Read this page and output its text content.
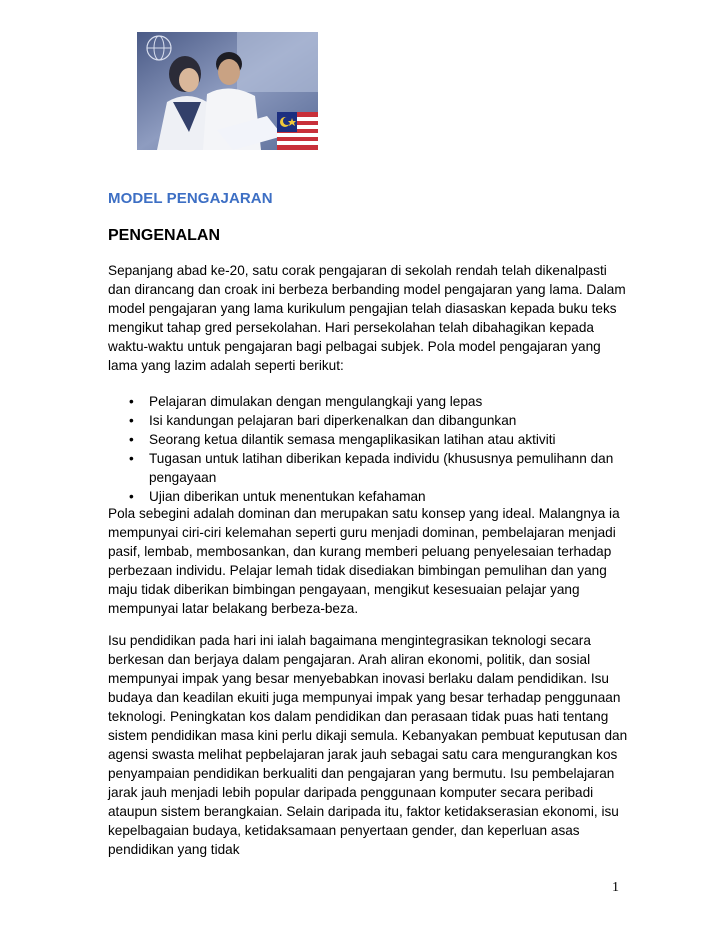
MODEL PENGAJARAN
PENGENALAN

Sepanjang abad ke-20, satu corak pengajaran di sekolah rendah telah dikenalpasti dan dirancang dan croak ini berbeza berbanding model pengajaran yang lama. Dalam model pengajaran yang lama kurikulum pengajian telah diasaskan kepada buku teks mengikut tahap gred persekolahan. Hari persekolahan telah dibahagikan kepada waktu-waktu untuk pengajaran bagi pelbagai subjek. Pola model pengajaran yang lama yang lazim adalah seperti berikut:

• Pelajaran dimulakan dengan mengulangkaji yang lepas
• Isi kandungan pelajaran bari diperkenalkan dan dibangunkan
• Seorang ketua dilantik semasa mengaplikasikan latihan atau aktiviti
• Tugasan untuk latihan diberikan kepada individu (khususnya pemulihann dan pengayaan
• Ujian diberikan untuk menentukan kefahaman

Pola sebegini adalah dominan dan merupakan satu konsep yang ideal. Malangnya ia mempunyai ciri-ciri kelemahan seperti guru menjadi dominan, pembelajaran menjadi pasif, lembab, membosankan, dan kurang memberi peluang penyelesaian terhadap perbezaan individu. Pelajar lemah tidak disediakan bimbingan pemulihan dan yang maju tidak diberikan bimbingan pengayaan, mengikut kesesuaian pelajar yang mempunyai latar belakang berbeza-beza.

Isu pendidikan pada hari ini ialah bagaimana mengintegrasikan teknologi secara berkesan dan berjaya dalam pengajaran. Arah aliran ekonomi, politik, dan sosial mempunyai impak yang besar menyebabkan inovasi berlaku dalam pendidikan. Isu budaya dan keadilan ekuiti juga mempunyai impak yang besar terhadap penggunaan teknologi. Peningkatan kos dalam pendidikan dan perasaan tidak puas hati tentang sistem pendidikan masa kini perlu dikaji semula. Kebanyakan pembuat keputusan dan agensi swasta melihat pepbelajaran jarak jauh sebagai satu cara mengurangkan kos penyampaian pendidikan berkualiti dan pengajaran yang bermutu. Isu pembelajaran jarak jauh menjadi lebih popular daripada penggunaan komputer secara peribadi ataupun sistem berangkaian. Selain daripada itu, faktor ketidakserasian ekonomi, isu kepelbagaian budaya, ketidaksamaan penyertaan gender, dan keperluan asas pendidikan yang tidak

1
